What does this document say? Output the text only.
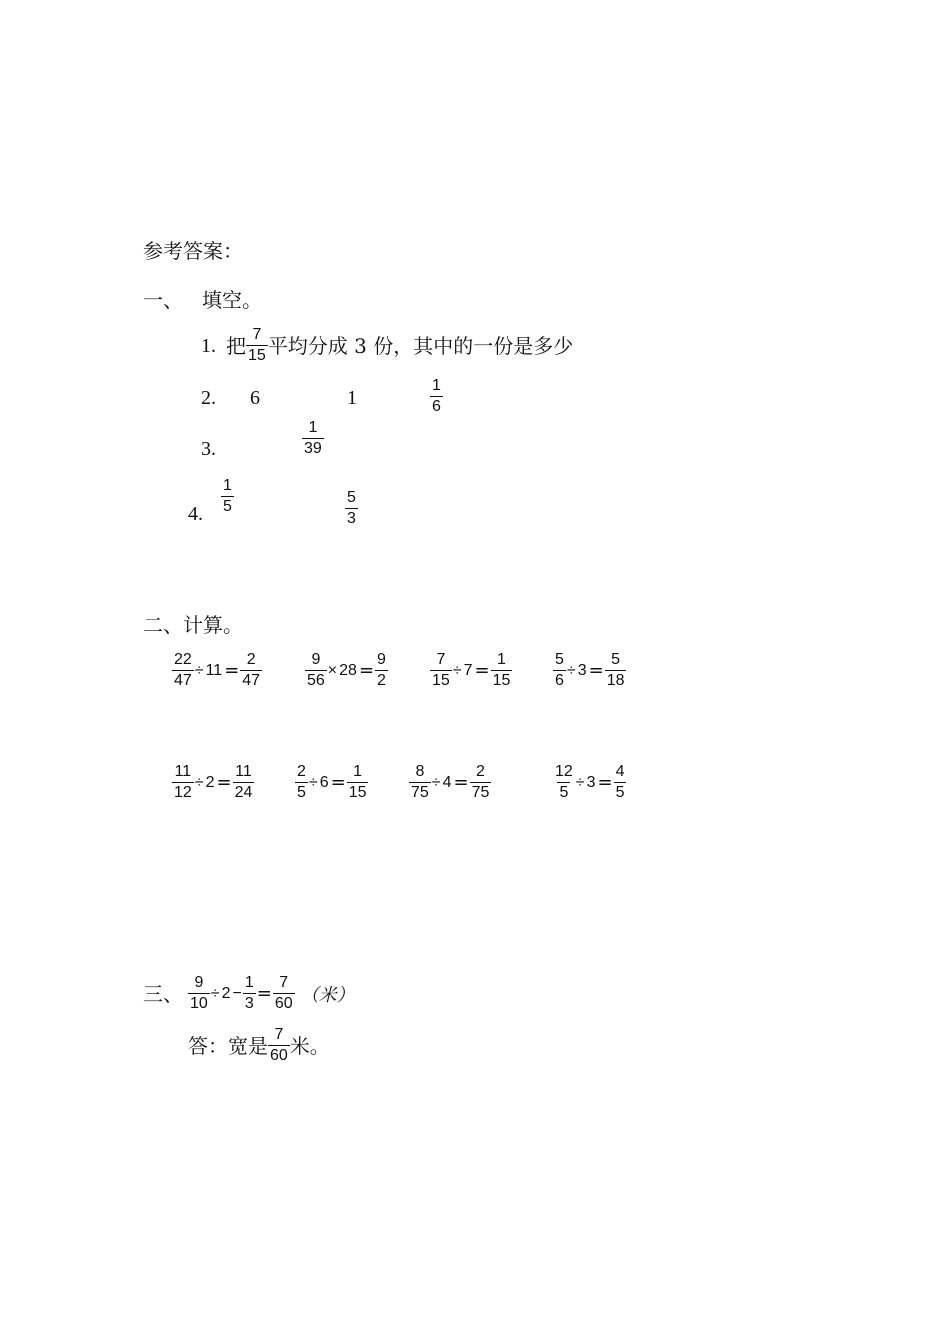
参考答案：
一、 填空。
1. 把 $\frac{7}{15}$ 平均分成 3 份，其中的一份是多少
2. 6	1	$\frac{1}{6}$
3.	$\frac{1}{39}$
4. $\frac{1}{5}$	$\frac{5}{3}$
二、计算。
$\frac{22}{47} \div 11 = \frac{2}{47}$	$\frac{9}{56} \times 28 = \frac{9}{2}$	$\frac{7}{15} \div 7 = \frac{1}{15}$	$\frac{5}{6} \div 3 = \frac{5}{18}$
$\frac{11}{12} \div 2 = \frac{11}{24}$	$\frac{2}{5} \div 6 = \frac{1}{15}$	$\frac{8}{75} \div 4 = \frac{2}{75}$	$\frac{12}{5} \div 3 = \frac{4}{5}$
三、 $\frac{9}{10} \div 2 - \frac{1}{3} = \frac{7}{60}$ （米）
答：宽是 $\frac{7}{60}$ 米。
